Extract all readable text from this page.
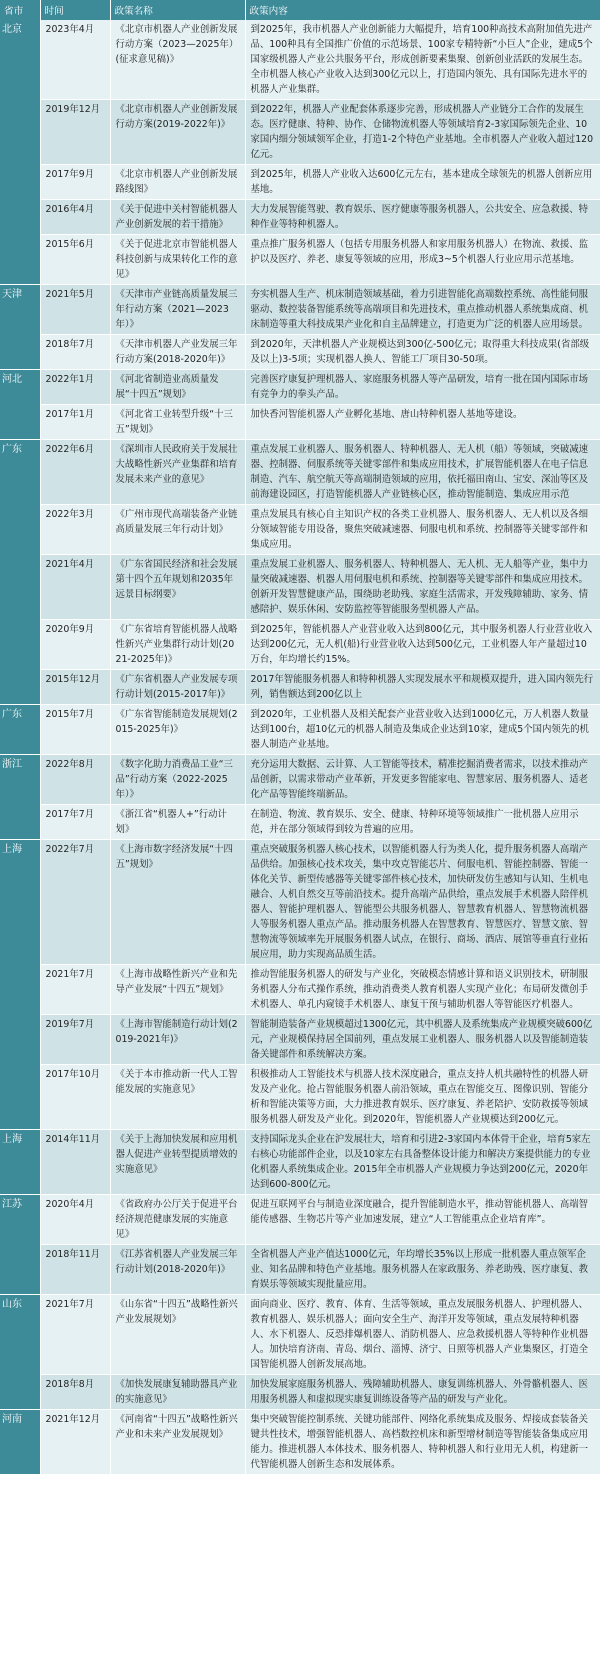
省市	时间	政策名称	政策内容
北京	2023年4月	《北京市机器人产业创新发展行动方案（2023—2025年）(征求意见稿)》	到2025年，我市机器人产业创新能力大幅提升，培育100种高技术高附加值先进产品、100种具有全国推广价值的示范场景、100家专精特新“小巨人”企业，建成5个国家级机器人产业公共服务平台，形成创新要素集聚、创新创业活跃的发展生态。全市机器人核心产业收入达到300亿元以上，打造国内领先、具有国际先进水平的机器人产业集群。
	2019年12月	《北京市机器人产业创新发展行动方案(2019-2022年)》	到2022年，机器人产业配套体系逐步完善，形成机器人产业链分工合作的发展生态。医疗健康、特种、协作、仓储物流机器人等领域培育2-3家国际领先企业、10家国内细分领域领军企业，打造1-2个特色产业基地。全市机器人产业收入超过120亿元。
	2017年9月	《北京市机器人产业创新发展路线图》	到2025年，机器人产业收入达600亿元左右，基本建成全球领先的机器人创新应用基地。
	2016年4月	《关于促进中关村智能机器人产业创新发展的若干措施》	大力发展智能驾驶、教育娱乐、医疗健康等服务机器人，公共安全、应急救援、特种作业等特种机器人。
	2015年6月	《关于促进北京市智能机器人科技创新与成果转化工作的意见》	重点推广服务机器人（包括专用服务机器人和家用服务机器人）在物流、救援、监护以及医疗、养老、康复等领域的应用，形成3~5个机器人行业应用示范基地。
天津	2021年5月	《天津市产业链高质量发展三年行动方案（2021—2023年）》	夯实机器人生产、机床制造领域基础，着力引进智能化高端数控系统、高性能伺服驱动、数控装备智能系统等高端项目和先进技术，重点推动机器人系统集成商、机床制造等重大科技成果产业化和自主品牌建立，打造更为广泛的机器人应用场景。
	2018年7月	《天津市机器人产业发展三年行动方案(2018-2020年)》	到2020年，天津机器人产业规模达到300亿-500亿元；取得重大科技成果(省部级及以上)3-5项；实现机器人换人、智能工厂项目30-50项。
河北	2022年1月	《河北省制造业高质量发展“十四五”规划》	完善医疗康复护理机器人、家庭服务机器人等产品研发，培育一批在国内国际市场有竞争力的拳头产品。
	2017年1月	《河北省工业转型升级“十三五”规划》	加快香河智能机器人产业孵化基地、唐山特种机器人基地等建设。
广东	2022年6月	《深圳市人民政府关于发展壮大战略性新兴产业集群和培育发展未来产业的意见》	重点发展工业机器人、服务机器人、特种机器人、无人机（船）等领域，突破减速器、控制器、伺服系统等关键零部件和集成应用技术，扩展智能机器人在电子信息制造、汽车、航空航天等高端制造领域的应用，依托福田南山、宝安、深汕等区及前海建设园区，打造智能机器人产业链核心区，推动智能制造、集成应用示范
	2022年3月	《广州市现代高端装备产业链高质量发展三年行动计划》	重点发展具有核心自主知识产权的各类工业机器人、服务机器人、无人机以及各细分领域智能专用设备，聚焦突破减速器、伺服电机和系统、控制器等关键零部件和集成应用。
	2021年4月	《广东省国民经济和社会发展第十四个五年规划和2035年远景目标纲要》	重点发展工业机器人、服务机器人、特种机器人、无人机、无人船等产业，集中力量突破减速器、机器人用伺服电机和系统、控制器等关键零部件和集成应用技术。创新开发智慧健康产品，围绕助老助残、家庭生活需求，开发残障辅助、家务、情感陪护、娱乐休闲、安防监控等智能服务型机器人产品。
	2020年9月	《广东省培育智能机器人战略性新兴产业集群行动计划(2021-2025年)》	到2025年，智能机器人产业营业收入达到800亿元，其中服务机器人行业营业收入达到200亿元，无人机(船)行业营业收入达到500亿元，工业机器人年产量超过10万台，年均增长约15%。
	2015年12月	《广东省机器人产业发展专项行动计划(2015-2017年)》	2017年智能服务机器人和特种机器人实现发展水平和规模双提升，进入国内领先行列，销售额达到200亿以上
广东	2015年7月	《广东省智能制造发展规划(2015-2025年)》	到2020年，工业机器人及相关配套产业营业收入达到1000亿元，万人机器人数量达到100台，超10亿元的机器人制造及集成企业达到10家，建成5个国内领先的机器人制造产业基地。
浙江	2022年8月	《数字化助力消费品工业“三品”行动方案（2022-2025年）》	充分运用大数据、云计算、人工智能等技术，精准挖掘消费者需求，以技术推动产品创新，以需求带动产业革新，开发更多智能家电、智慧家居、服务机器人、适老化产品等智能终端新品。
	2017年7月	《浙江省“机器人+”行动计划》	在制造、物流、教育娱乐、安全、健康、特种环境等领域推广一批机器人应用示范，并在部分领域得到较为普遍的应用。
上海	2022年7月	《上海市数字经济发展“十四五”规划》	重点突破服务机器人核心技术，以智能机器人行为类人化，提升服务机器人高端产品供给。加强核心技术攻关，集中攻克智能芯片、伺服电机、智能控制器、智能一体化关节、新型传感器等关键零部件核心技术，加快研发仿生感知与认知、生机电融合、人机自然交互等前沿技术。提升高端产品供给，重点发展手术机器人陪伴机器人、智能护理机器人、智能型公共服务机器人、智慧教育机器人、智慧物流机器人等服务机器人重点产品。推动服务机器人在智慧教育、智慧医疗、智慧文旅、智慧物流等领域率先开展服务机器人试点，在银行、商场、酒店、展馆等垂直行业拓展应用，助力实现高品质生活。
	2021年7月	《上海市战略性新兴产业和先导产业发展“十四五”规划》	推动智能服务机器人的研发与产业化，突破模态情感计算和语义识别技术，研制服务机器人分布式操作系统，推动消费类人教育机器人实现产业化；布局研发微创手术机器人、单孔内窥镜手术机器人、康复干预与辅助机器人等智能医疗机器人。
	2019年7月	《上海市智能制造行动计划(2019-2021年)》	智能制造装备产业规模超过1300亿元，其中机器人及系统集成产业规模突破600亿元，产业规模保持居全国前列，重点发展工业机器人、服务机器人以及智能制造装备关键部件和系统解决方案。
	2017年10月	《关于本市推动新一代人工智能发展的实施意见》	积极推动人工智能技术与机器人技术深度融合，重点支持人机共融特性的机器人研发及产业化。抢占智能服务机器人前沿领域，重点在智能交互、图像识别、智能分析和智能决策等方面，大力推进教育娱乐、医疗康复、养老陪护、安防救援等领域服务机器人研发及产业化。到2020年，智能机器人产业规模达到200亿元。
上海	2014年11月	《关于上海加快发展和应用机器人促进产业转型提质增效的实施意见》	支持国际龙头企业在沪发展壮大，培育和引进2-3家国内本体骨干企业，培育5家左右核心功能部件企业，以及10家左右具备整体设计能力和解决方案提供能力的专业化机器人系统集成企业。2015年全市机器人产业规模力争达到200亿元，2020年达到600-800亿元。
江苏	2020年4月	《省政府办公厅关于促进平台经济规范健康发展的实施意见》	促进互联网平台与制造业深度融合，提升智能制造水平，推动智能机器人、高端智能传感器、生物芯片等产业加速发展，建立“人工智能重点企业培育库”。
	2018年11月	《江苏省机器人产业发展三年行动计划(2018-2020年)》	全省机器人产业产值达1000亿元，年均增长35%以上形成一批机器人重点领军企业、知名品牌和特色产业基地。服务机器人在家政服务、养老助残、医疗康复、教育娱乐等领域实现批量应用。
山东	2021年7月	《山东省“十四五”战略性新兴产业发展规划》	面向商业、医疗、教育、体育、生活等领域，重点发展服务机器人、护理机器人、教育机器人、娱乐机器人；面向安全生产、海洋开发等领域，重点发展特种机器人、水下机器人、反恐排爆机器人、消防机器人、应急救援机器人等特种作业机器人。加快培育济南、青岛、烟台、淄博、济宁、日照等机器人产业集聚区，打造全国智能机器人创新发展高地。
	2018年8月	《加快发展康复辅助器具产业的实施意见》	加快发展家庭服务机器人、残障辅助机器人、康复训练机器人、外骨骼机器人、医用服务机器人和虚拟现实康复训练设备等产品的研发与产业化。
河南	2021年12月	《河南省“十四五”战略性新兴产业和未来产业发展规划》	集中突破智能控制系统、关键功能部件、网络化系统集成及服务、焊接成套装备关键共性技术，增强智能机器人、高档数控机床和新型增材制造等智能装备集成应用能力。推进机器人本体技术、服务机器人、特种机器人和行业用无人机，构建新一代智能机器人创新生态和发展体系。
